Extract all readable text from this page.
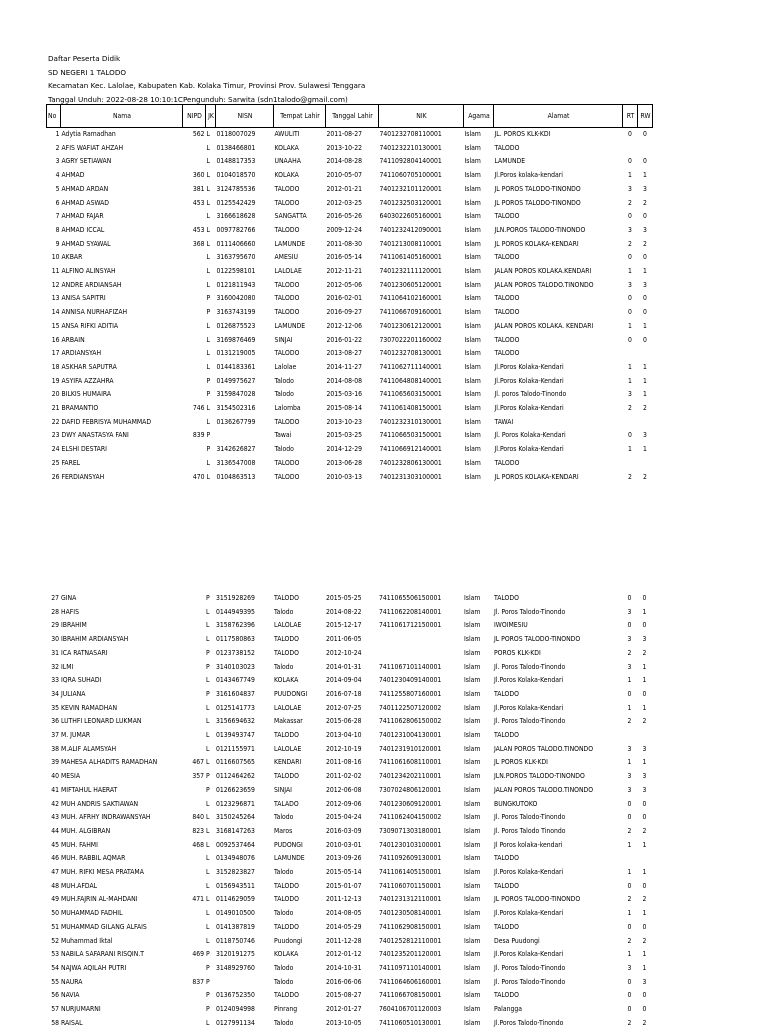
Daftar Peserta Didik
SD NEGERI 1 TALODO
Kecamatan Kec. Lalolae, Kabupaten Kab. Kolaka Timur, Provinsi Prov. Sulawesi Tenggara
Tanggal Unduh: 2022-08-28 10:10:1CPengunduh: Sarwita (sdn1talodo@gmail.com)
No	Nama	NIPD	JK	NISN	Tempat Lahir	Tanggal Lahir	NIK	Agama	Alamat	RT	RW
1	Adytia Ramadhan	562	L	0118007029	AWULITI	2011-08-27	7401232708110001	Islam	JL. POROS KLK-KDI	0	0
2	AFIS WAFIAT AHZAH		L	0138466801	KOLAKA	2013-10-22	7401232210130001	Islam	TALODO		
3	AGRY SETIAWAN		L	0148817353	UNAAHA	2014-08-28	7411092804140001	Islam	LAMUNDE	0	0
4	AHMAD	360	L	0104018570	KOLAKA	2010-05-07	7411060705100001	Islam	Jl.Poros kolaka-kendari	1	1
5	AHMAD ARDAN	381	L	3124785536	TALODO	2012-01-21	7401232101120001	Islam	JL POROS TALODO-TINONDO	3	3
6	AHMAD ASWAD	453	L	0125542429	TALODO	2012-03-25	7401232503120001	Islam	JL POROS TALODO-TINONDO	2	2
7	AHMAD FAJAR		L	3166618628	SANGATTA	2016-05-26	6403022605160001	Islam	TALODO	0	0
8	AHMAD ICCAL	453	L	0097782766	TALODO	2009-12-24	7401232412090001	Islam	JLN.POROS TALODO-TINONDO	3	3
9	AHMAD SYAWAL	368	L	0111406660	LAMUNDE	2011-08-30	7401213008110001	Islam	JL POROS KOLAKA-KENDARI	2	2
10	AKBAR		L	3163795670	AMESIU	2016-05-14	7411061405160001	Islam	TALODO	0	0
11	ALFINO ALINSYAH		L	0122598101	LALOLAE	2012-11-21	7401232111120001	Islam	JALAN POROS KOLAKA.KENDARI	1	1
12	ANDRE ARDIANSAH		L	0121811943	TALODO	2012-05-06	7401230605120001	Islam	JALAN POROS TALODO.TINONDO	3	3
13	ANISA SAPITRI		P	3160042080	TALODO	2016-02-01	7411064102160001	Islam	TALODO	0	0
14	ANNISA NURHAFIZAH		P	3163743199	TALODO	2016-09-27	7411066709160001	Islam	TALODO	0	0
15	ANSA RIFKI ADITIA		L	0126875523	LAMUNDE	2012-12-06	7401230612120001	Islam	JALAN POROS KOLAKA. KENDARI	1	1
16	ARBAIN		L	3169876469	SINJAI	2016-01-22	7307022201160002	Islam	TALODO	0	0
17	ARDIANSYAH		L	0131219005	TALODO	2013-08-27	7401232708130001	Islam	TALODO		
18	ASKHAR SAPUTRA		L	0144183361	Lalolae	2014-11-27	7411062711140001	Islam	Jl.Poros Kolaka-Kendari	1	1
19	ASYIFA AZZAHRA		P	0149975627	Talodo	2014-08-08	7411064808140001	Islam	Jl.Poros Kolaka-Kendari	1	1
20	BILKIS HUMAIRA		P	3159847028	Talodo	2015-03-16	7411065603150001	Islam	Jl. poros Talodo-Tinondo	3	1
21	BRAMANTIO	746	L	3154502316	Lalomba	2015-08-14	7411061408150001	Islam	Jl.Poros Kolaka-Kendari	2	2
22	DAFID FEBRISYA MUHAMMAD		L	0136267799	TALODO	2013-10-23	7401232310130001	Islam	TAWAI		
23	DWY ANASTASYA FANI	839	P		Tawai	2015-03-25	7411066503150001	Islam	Jl. Poros Kolaka-Kendari	0	3
24	ELSHI DESTARI		P	3142626827	Talodo	2014-12-29	7411066912140001	Islam	Jl.Poros Kolaka-Kendari	1	1
25	FAREL		L	3136547008	TALODO	2013-06-28	7401232806130001	Islam	TALODO		
26	FERDIANSYAH	470	L	0104863513	TALODO	2010-03-13	7401231303100001	Islam	JL POROS KOLAKA-KENDARI	2	2
27	GINA		P	3151928269	TALODO	2015-05-25	7411065506150001	Islam	TALODO	0	0
28	HAFIS		L	0144949395	Talodo	2014-08-22	7411062208140001	Islam	Jl. Poros Talodo-Tinondo	3	1
29	IBRAHIM		L	3158762396	LALOLAE	2015-12-17	7411061712150001	Islam	IWOIMESIU	0	0
30	IBRAHIM ARDIANSYAH		L	0117580863	TALODO	2011-06-05		Islam	JL POROS TALODO-TINONDO	3	3
31	ICA RATNASARI		P	0123738152	TALODO	2012-10-24		Islam	POROS KLK-KDI	2	2
32	ILMI		P	3140103023	Talodo	2014-01-31	7411067101140001	Islam	Jl. Poros Talodo-Tinondo	3	1
33	IQRA SUHADI		L	0143467749	KOLAKA	2014-09-04	7401230409140001	Islam	Jl.Poros Kolaka-Kendari	1	1
34	JULIANA		P	3161604837	PUUDONGI	2016-07-18	7411255807160001	Islam	TALODO	0	0
35	KEVIN RAMADHAN		L	0125141773	LALOLAE	2012-07-25	7401122507120002	Islam	Jl.Poros Kolaka-Kendari	1	1
36	LUTHFI LEONARD LUKMAN		L	3156694632	Makassar	2015-06-28	7411062806150002	Islam	Jl. Poros Talodo-Tinondo	2	2
37	M. JUMAR		L	0139493747	TALODO	2013-04-10	7401231004130001	Islam	TALODO		
38	M.ALIF ALAMSYAH		L	0121155971	LALOLAE	2012-10-19	7401231910120001	Islam	JALAN POROS TALODO.TINONDO	3	3
39	MAHESA ALHADITS RAMADHAN	467	L	0116607565	KENDARI	2011-08-16	7411061608110001	Islam	JL POROS KLK-KDI	1	1
40	MESIA	357	P	0112464262	TALODO	2011-02-02	7401234202110001	Islam	JLN.POROS TALODO-TINONDO	3	3
41	MIFTAHUL HAERAT		P	0126623659	SINJAI	2012-06-08	7307024806120001	Islam	JALAN POROS TALODO.TINONDO	3	3
42	MUH ANDRIS SAKTIAWAN		L	0123296871	TALADO	2012-09-06	7401230609120001	Islam	BUNGKUTOKO	0	0
43	MUH. AFRHY INDRAWANSYAH	840	L	3150245264	Talodo	2015-04-24	7411062404150002	Islam	Jl. Poros Talodo-Tinondo	0	0
44	MUH. ALGIBRAN	823	L	3168147263	Maros	2016-03-09	7309071303180001	Islam	Jl. Poros Talodo Tinondo	2	2
45	MUH. FAHMI	468	L	0092537464	PUDONGI	2010-03-01	7401230103100001	Islam	Jl Poros kolaka-kendari	1	1
46	MUH. RABBIL AQMAR		L	0134948076	LAMUNDE	2013-09-26	7411092609130001	Islam	TALODO		
47	MUH. RIFKI MESA PRATAMA		L	3152823827	Talodo	2015-05-14	7411061405150001	Islam	Jl.Poros Kolaka-Kendari	1	1
48	MUH.AFDAL		L	0156943511	TALODO	2015-01-07	7411060701150001	Islam	TALODO	0	0
49	MUH.FAJRIN AL-MAHDANI	471	L	0114629059	TALODO	2011-12-13	7401231312110001	Islam	JL POROS TALODO-TINONDO	2	2
50	MUHAMMAD FADHIL		L	0149010500	Talodo	2014-08-05	7401230508140001	Islam	Jl.Poros Kolaka-Kendari	1	1
51	MUHAMMAD GILANG ALFAIS		L	0141387819	TALODO	2014-05-29	7411062908150001	Islam	TALODO	0	0
52	Muhammad Iktal		L	0118750746	Puudongi	2011-12-28	7401252812110001	Islam	Desa Puudongi	2	2
53	NABILA SAFARANI RISQIN.T	469	P	3120191275	KOLAKA	2012-01-12	7401235201120001	Islam	Jl.Poros Kolaka-Kendari	1	1
54	NAJWA AQILAH PUTRI		P	3148929760	Talodo	2014-10-31	7411097110140001	Islam	Jl. Poros Talodo-Tinondo	3	1
55	NAURA	837	P		Talodo	2016-06-06	7411064606160001	Islam	Jl. Poros Talodo-Tinondo	0	3
56	NAVIA		P	0136752350	TALODO	2015-08-27	7411066708150001	Islam	TALODO	0	0
57	NURJUMARNI		P	0124094998	Pinrang	2012-01-27	7604106701120003	Islam	Palangga	0	0
58	RAISAL		L	0127991134	Talodo	2013-10-05	7411060510130001	Islam	Jl.Poros Talodo-Tinondo	2	2
